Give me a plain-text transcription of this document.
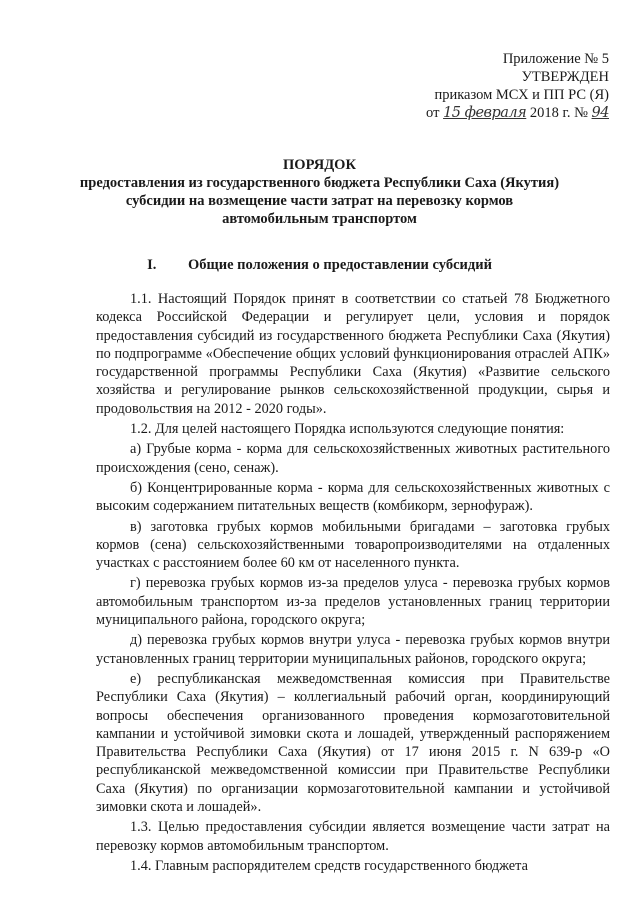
Приложение № 5
УТВЕРЖДЕН
приказом МСХ и ПП РС (Я)
от 15 февраля 2018 г. № 94
ПОРЯДОК
предоставления из государственного бюджета Республики Саха (Якутия)
субсидии на возмещение части затрат на перевозку кормов
автомобильным транспортом
I. Общие положения о предоставлении субсидий

1.1. Настоящий Порядок принят в соответствии со статьей 78 Бюджетного кодекса Российской Федерации и регулирует цели, условия и порядок предоставления субсидий из государственного бюджета Республики Саха (Якутия) по подпрограмме «Обеспечение общих условий функционирования отраслей АПК» государственной программы Республики Саха (Якутия) «Развитие сельского хозяйства и регулирование рынков сельскохозяйственной продукции, сырья и продовольствия на 2012 - 2020 годы».

1.2. Для целей настоящего Порядка используются следующие понятия:

а) Грубые корма - корма для сельскохозяйственных животных растительного происхождения (сено, сенаж).

б) Концентрированные корма - корма для сельскохозяйственных животных с высоким содержанием питательных веществ (комбикорм, зернофураж).

в) заготовка грубых кормов мобильными бригадами – заготовка грубых кормов (сена) сельскохозяйственными товаропроизводителями на отдаленных участках с расстоянием более 60 км от населенного пункта.

г) перевозка грубых кормов из-за пределов улуса - перевозка грубых кормов автомобильным транспортом из-за пределов установленных границ территории муниципального района, городского округа;

д) перевозка грубых кормов внутри улуса - перевозка грубых кормов внутри установленных границ территории муниципальных районов, городского округа;

е) республиканская межведомственная комиссия при Правительстве Республики Саха (Якутия) – коллегиальный рабочий орган, координирующий вопросы обеспечения организованного проведения кормозаготовительной кампании и устойчивой зимовки скота и лошадей, утвержденный распоряжением Правительства Республики Саха (Якутия) от 17 июня 2015 г. N 639-р «О республиканской межведомственной комиссии при Правительстве Республики Саха (Якутия) по организации кормозаготовительной кампании и устойчивой зимовки скота и лошадей».

1.3. Целью предоставления субсидии является возмещение части затрат на перевозку кормов автомобильным транспортом.

1.4. Главным распорядителем средств государственного бюджета
